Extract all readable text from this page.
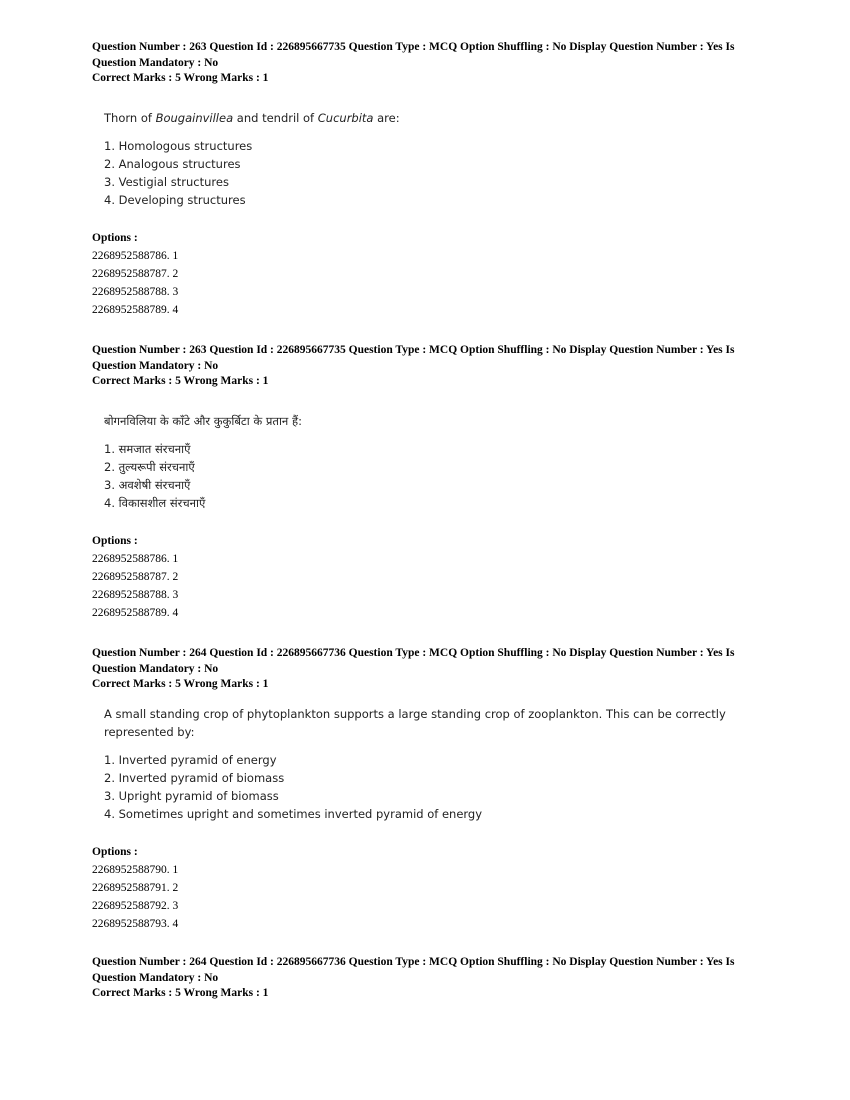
Question Number : 263 Question Id : 226895667735 Question Type : MCQ Option Shuffling : No Display Question Number : Yes Is
Question Mandatory : No
Correct Marks : 5 Wrong Marks : 1

Thorn of Bougainvillea and tendril of Cucurbita are:

1. Homologous structures
2. Analogous structures
3. Vestigial structures
4. Developing structures
Options :
2268952588786. 1
2268952588787. 2
2268952588788. 3
2268952588789. 4
Question Number : 263 Question Id : 226895667735 Question Type : MCQ Option Shuffling : No Display Question Number : Yes Is
Question Mandatory : No
Correct Marks : 5 Wrong Marks : 1

बोगनविलिया के काँटे और कुकुर्बिटा के प्रतान हैं:

1. समजात संरचनाएँ
2. तुल्यरूपी संरचनाएँ
3. अवशेषी संरचनाएँ
4. विकासशील संरचनाएँ
Options :
2268952588786. 1
2268952588787. 2
2268952588788. 3
2268952588789. 4
Question Number : 264 Question Id : 226895667736 Question Type : MCQ Option Shuffling : No Display Question Number : Yes Is
Question Mandatory : No
Correct Marks : 5 Wrong Marks : 1

A small standing crop of phytoplankton supports a large standing crop of zooplankton. This can be correctly
represented by:

1. Inverted pyramid of energy
2. Inverted pyramid of biomass
3. Upright pyramid of biomass
4. Sometimes upright and sometimes inverted pyramid of energy
Options :
2268952588790. 1
2268952588791. 2
2268952588792. 3
2268952588793. 4
Question Number : 264 Question Id : 226895667736 Question Type : MCQ Option Shuffling : No Display Question Number : Yes Is
Question Mandatory : No
Correct Marks : 5 Wrong Marks : 1
